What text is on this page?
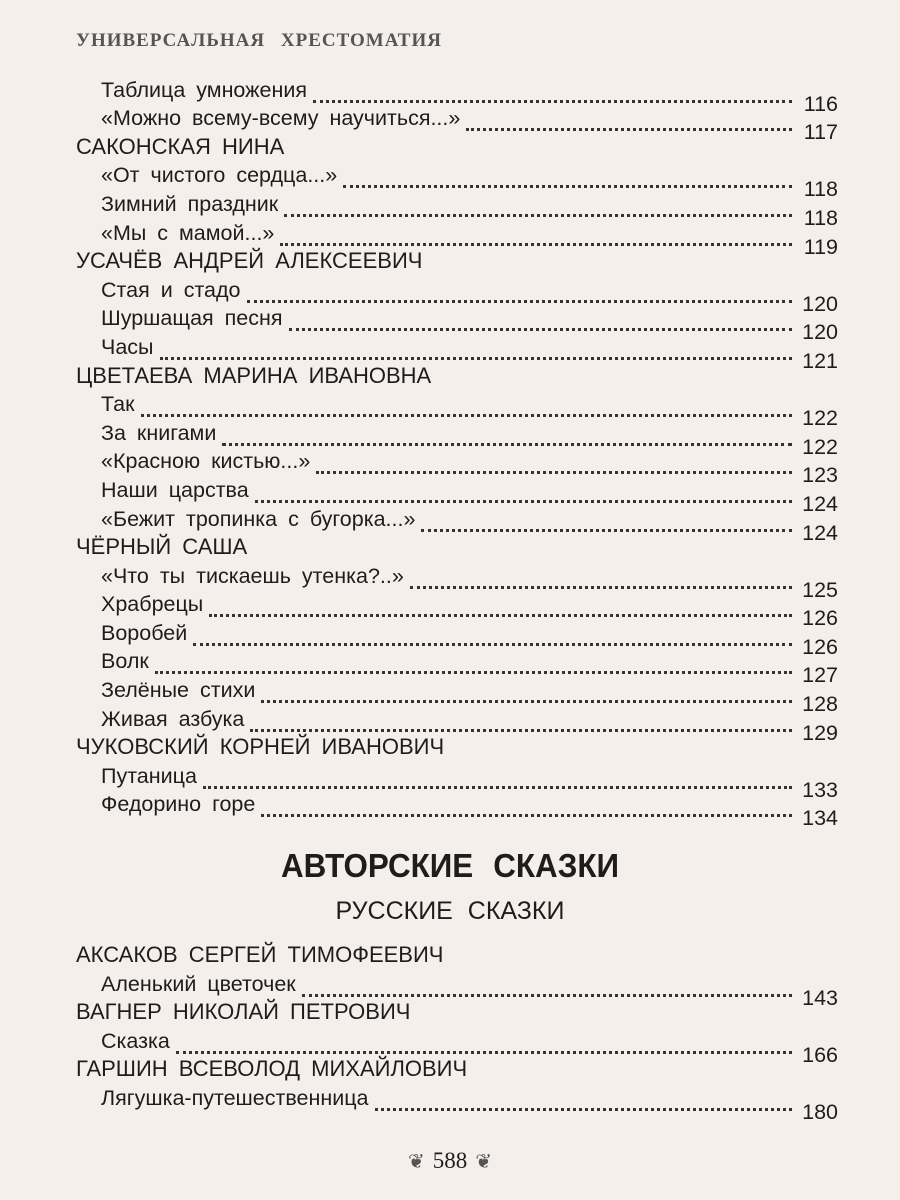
УНИВЕРСАЛЬНАЯ ХРЕСТОМАТИЯ
Таблица умножения
116
«Можно всему-всему научиться...»
117
САКОНСКАЯ НИНА
«От чистого сердца...»
118
Зимний праздник
118
«Мы с мамой...»
119
УСАЧЁВ АНДРЕЙ АЛЕКСЕЕВИЧ
Стая и стадо
120
Шуршащая песня
120
Часы
121
ЦВЕТАЕВА МАРИНА ИВАНОВНА
Так
122
За книгами
122
«Красною кистью...»
123
Наши царства
124
«Бежит тропинка с бугорка...»
124
ЧЁРНЫЙ САША
«Что ты тискаешь утенка?..»
125
Храбрецы
126
Воробей
126
Волк
127
Зелёные стихи
128
Живая азбука
129
ЧУКОВСКИЙ КОРНЕЙ ИВАНОВИЧ
Путаница
133
Федорино горе
134
АВТОРСКИЕ СКАЗКИ
РУССКИЕ СКАЗКИ
АКСАКОВ СЕРГЕЙ ТИМОФЕЕВИЧ
Аленький цветочек
143
ВАГНЕР НИКОЛАЙ ПЕТРОВИЧ
Сказка
166
ГАРШИН ВСЕВОЛОД МИХАЙЛОВИЧ
Лягушка-путешественница
180
❦ 588 ❦
